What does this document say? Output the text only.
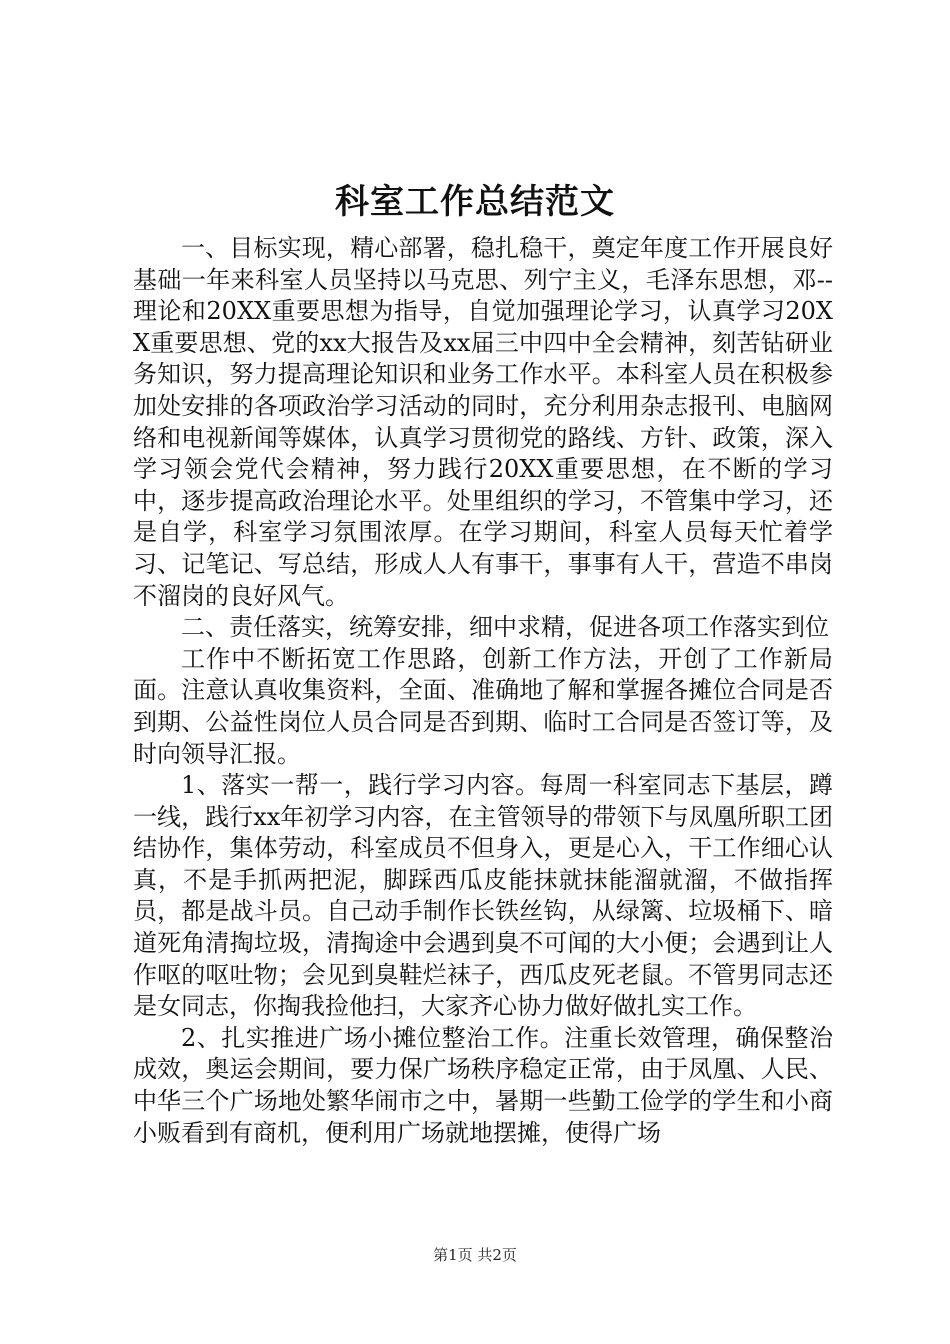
科室工作总结范文

一、目标实现，精心部署，稳扎稳干，奠定年度工作开展良好基础一年来科室人员坚持以马克思、列宁主义，毛泽东思想，邓--理论和20XX重要思想为指导，自觉加强理论学习，认真学习20XX重要思想、党的xx大报告及xx届三中四中全会精神，刻苦钻研业务知识，努力提高理论知识和业务工作水平。本科室人员在积极参加处安排的各项政治学习活动的同时，充分利用杂志报刊、电脑网络和电视新闻等媒体，认真学习贯彻党的路线、方针、政策，深入学习领会党代会精神，努力践行20XX重要思想，在不断的学习中，逐步提高政治理论水平。处里组织的学习，不管集中学习，还是自学，科室学习氛围浓厚。在学习期间，科室人员每天忙着学习、记笔记、写总结，形成人人有事干，事事有人干，营造不串岗不溜岗的良好风气。

二、责任落实，统筹安排，细中求精，促进各项工作落实到位

工作中不断拓宽工作思路，创新工作方法，开创了工作新局面。注意认真收集资料，全面、准确地了解和掌握各摊位合同是否到期、公益性岗位人员合同是否到期、临时工合同是否签订等，及时向领导汇报。

1、落实一帮一，践行学习内容。每周一科室同志下基层，蹲一线，践行xx年初学习内容，在主管领导的带领下与凤凰所职工团结协作，集体劳动，科室成员不但身入，更是心入，干工作细心认真，不是手抓两把泥，脚踩西瓜皮能抹就抹能溜就溜，不做指挥员，都是战斗员。自己动手制作长铁丝钩，从绿篱、垃圾桶下、暗道死角清掏垃圾，清掏途中会遇到臭不可闻的大小便；会遇到让人作呕的呕吐物；会见到臭鞋烂袜子，西瓜皮死老鼠。不管男同志还是女同志，你掏我捡他扫，大家齐心协力做好做扎实工作。

2、扎实推进广场小摊位整治工作。注重长效管理，确保整治成效，奥运会期间，要力保广场秩序稳定正常，由于凤凰、人民、中华三个广场地处繁华闹市之中，暑期一些勤工俭学的学生和小商小贩看到有商机，便利用广场就地摆摊，使得广场

第1页 共2页
